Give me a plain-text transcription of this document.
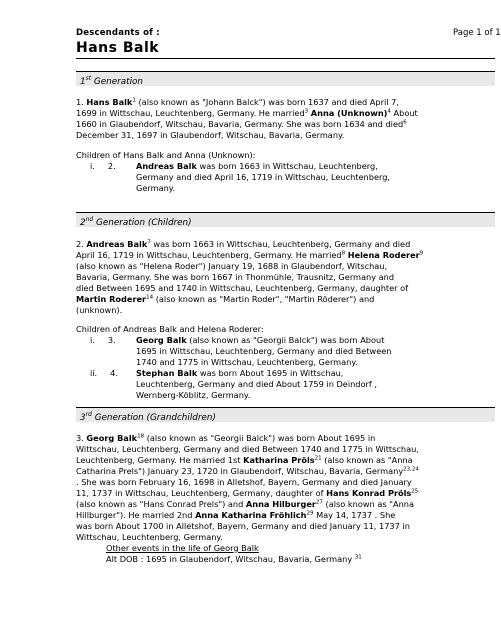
Descendants of :	Page 1 of 1
Hans Balk
1st Generation
1. Hans Balk$^1$ (also known as "Johann Balck") was born 1637 and died April 7,
1699 in Wittschau, Leuchtenberg, Germany. He married$^3$ Anna (Unknown)$^4$ About
1660 in Glaubendorf, Witschau, Bavaria, Germany. She was born 1634 and died$^6$
December 31, 1697 in Glaubendorf, Witschau, Bavaria, Germany.
Children of Hans Balk and Anna (Unknown):
i. 2. Andreas Balk was born 1663 in Wittschau, Leuchtenberg,
Germany and died April 16, 1719 in Wittschau, Leuchtenberg,
Germany.
2nd Generation (Children)
2. Andreas Balk$^7$ was born 1663 in Wittschau, Leuchtenberg, Germany and died
April 16, 1719 in Wittschau, Leuchtenberg, Germany. He married$^8$ Helena Roderer$^9$
(also known as "Helena Roder") January 19, 1688 in Glaubendorf, Witschau,
Bavaria, Germany. She was born 1667 in Thonmühle, Trausnitz, Germany and
died Between 1695 and 1740 in Wittschau, Leuchtenberg, Germany, daughter of
Martin Roderer$^{14}$ (also known as "Martin Roder", "Martin Röderer") and
(unknown).
Children of Andreas Balk and Helena Roderer:
i. 3. Georg Balk (also known as "Georgii Balck") was born About
1695 in Wittschau, Leuchtenberg, Germany and died Between
1740 and 1775 in Wittschau, Leuchtenberg, Germany.
ii. 4. Stephan Balk was born About 1695 in Wittschau,
Leuchtenberg, Germany and died About 1759 in Deindorf ,
Wernberg-Köblitz, Germany.
3rd Generation (Grandchildren)
3. Georg Balk$^{18}$ (also known as "Georgii Balck") was born About 1695 in
Wittschau, Leuchtenberg, Germany and died Between 1740 and 1775 in Wittschau,
Leuchtenberg, Germany. He married 1st Katharina Pröls$^{21}$ (also known as "Anna
Catharina Prels") January 23, 1720 in Glaubendorf, Witschau, Bavaria, Germany$^{23,24}$
. She was born February 16, 1698 in Alletshof, Bayern, Germany and died January
11, 1737 in Wittschau, Leuchtenberg, Germany, daughter of Hans Konrad Pröls$^{25}$
(also known as "Hans Conrad Prels") and Anna Hilburger$^{27}$ (also known as "Anna
Hillburger"). He married 2nd Anna Katharina Fröhlich$^{29}$ May 14, 1737 . She
was born About 1700 in Alletshof, Bayern, Germany and died January 11, 1737 in
Wittschau, Leuchtenberg, Germany.
Other events in the life of Georg Balk
Alt DOB : 1695 in Glaubendorf, Witschau, Bavaria, Germany $^{31}$
